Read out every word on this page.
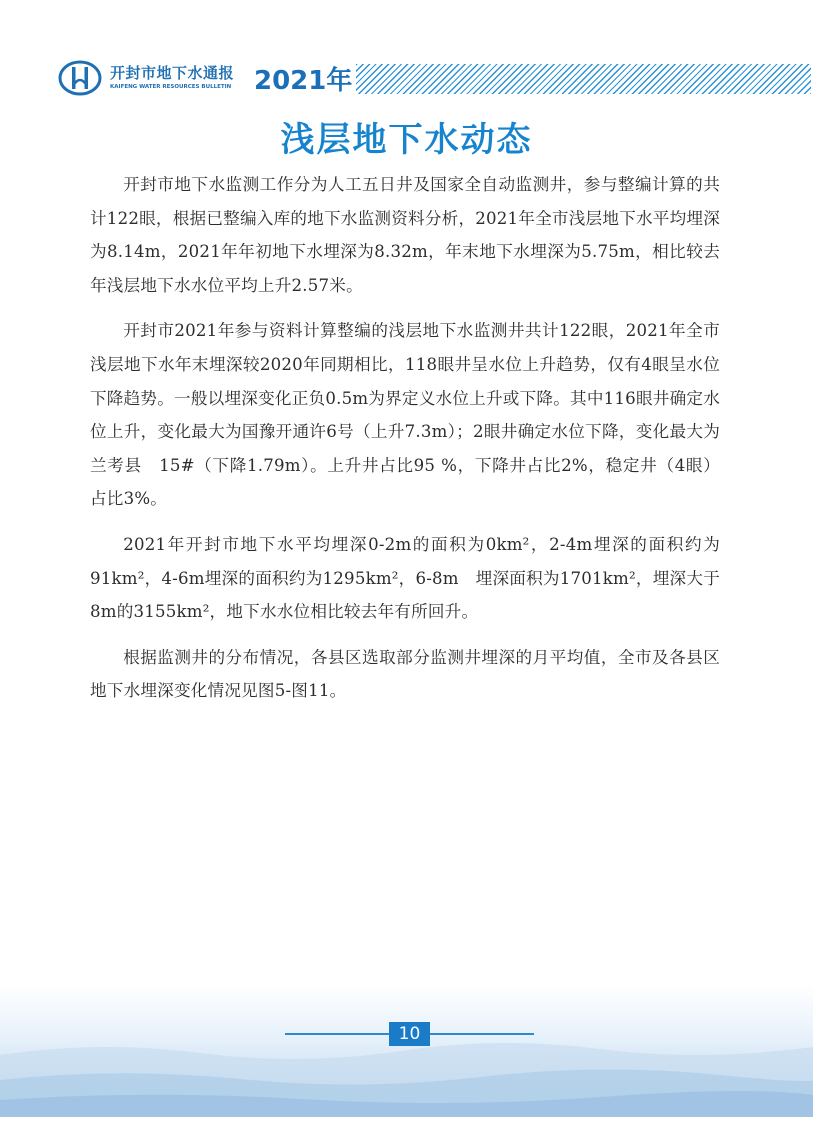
开封市地下水通报
KAIFENG WATER RESOURCES BULLETIN 2021年
浅层地下水动态

开封市地下水监测工作分为人工五日井及国家全自动监测井，参与整编计算的共计122眼，根据已整编入库的地下水监测资料分析，2021年全市浅层地下水平均埋深为8.14m，2021年年初地下水埋深为8.32m，年末地下水埋深为5.75m，相比较去年浅层地下水水位平均上升2.57米。

开封市2021年参与资料计算整编的浅层地下水监测井共计122眼，2021年全市浅层地下水年末埋深较2020年同期相比，118眼井呈水位上升趋势，仅有4眼呈水位下降趋势。一般以埋深变化正负0.5m为界定义水位上升或下降。其中116眼井确定水位上升，变化最大为国豫开通许6号（上升7.3m）；2眼井确定水位下降，变化最大为兰考县　15#（下降1.79m）。上升井占比95 %，下降井占比2%，稳定井（4眼）占比3%。

2021年开封市地下水平均埋深0-2m的面积为0km²，2-4m埋深的面积约为91km²，4-6m埋深的面积约为1295km²，6-8m　埋深面积为1701km²，埋深大于8m的3155km²，地下水水位相比较去年有所回升。

根据监测井的分布情况，各县区选取部分监测井埋深的月平均值，全市及各县区地下水埋深变化情况见图5-图11。

10
